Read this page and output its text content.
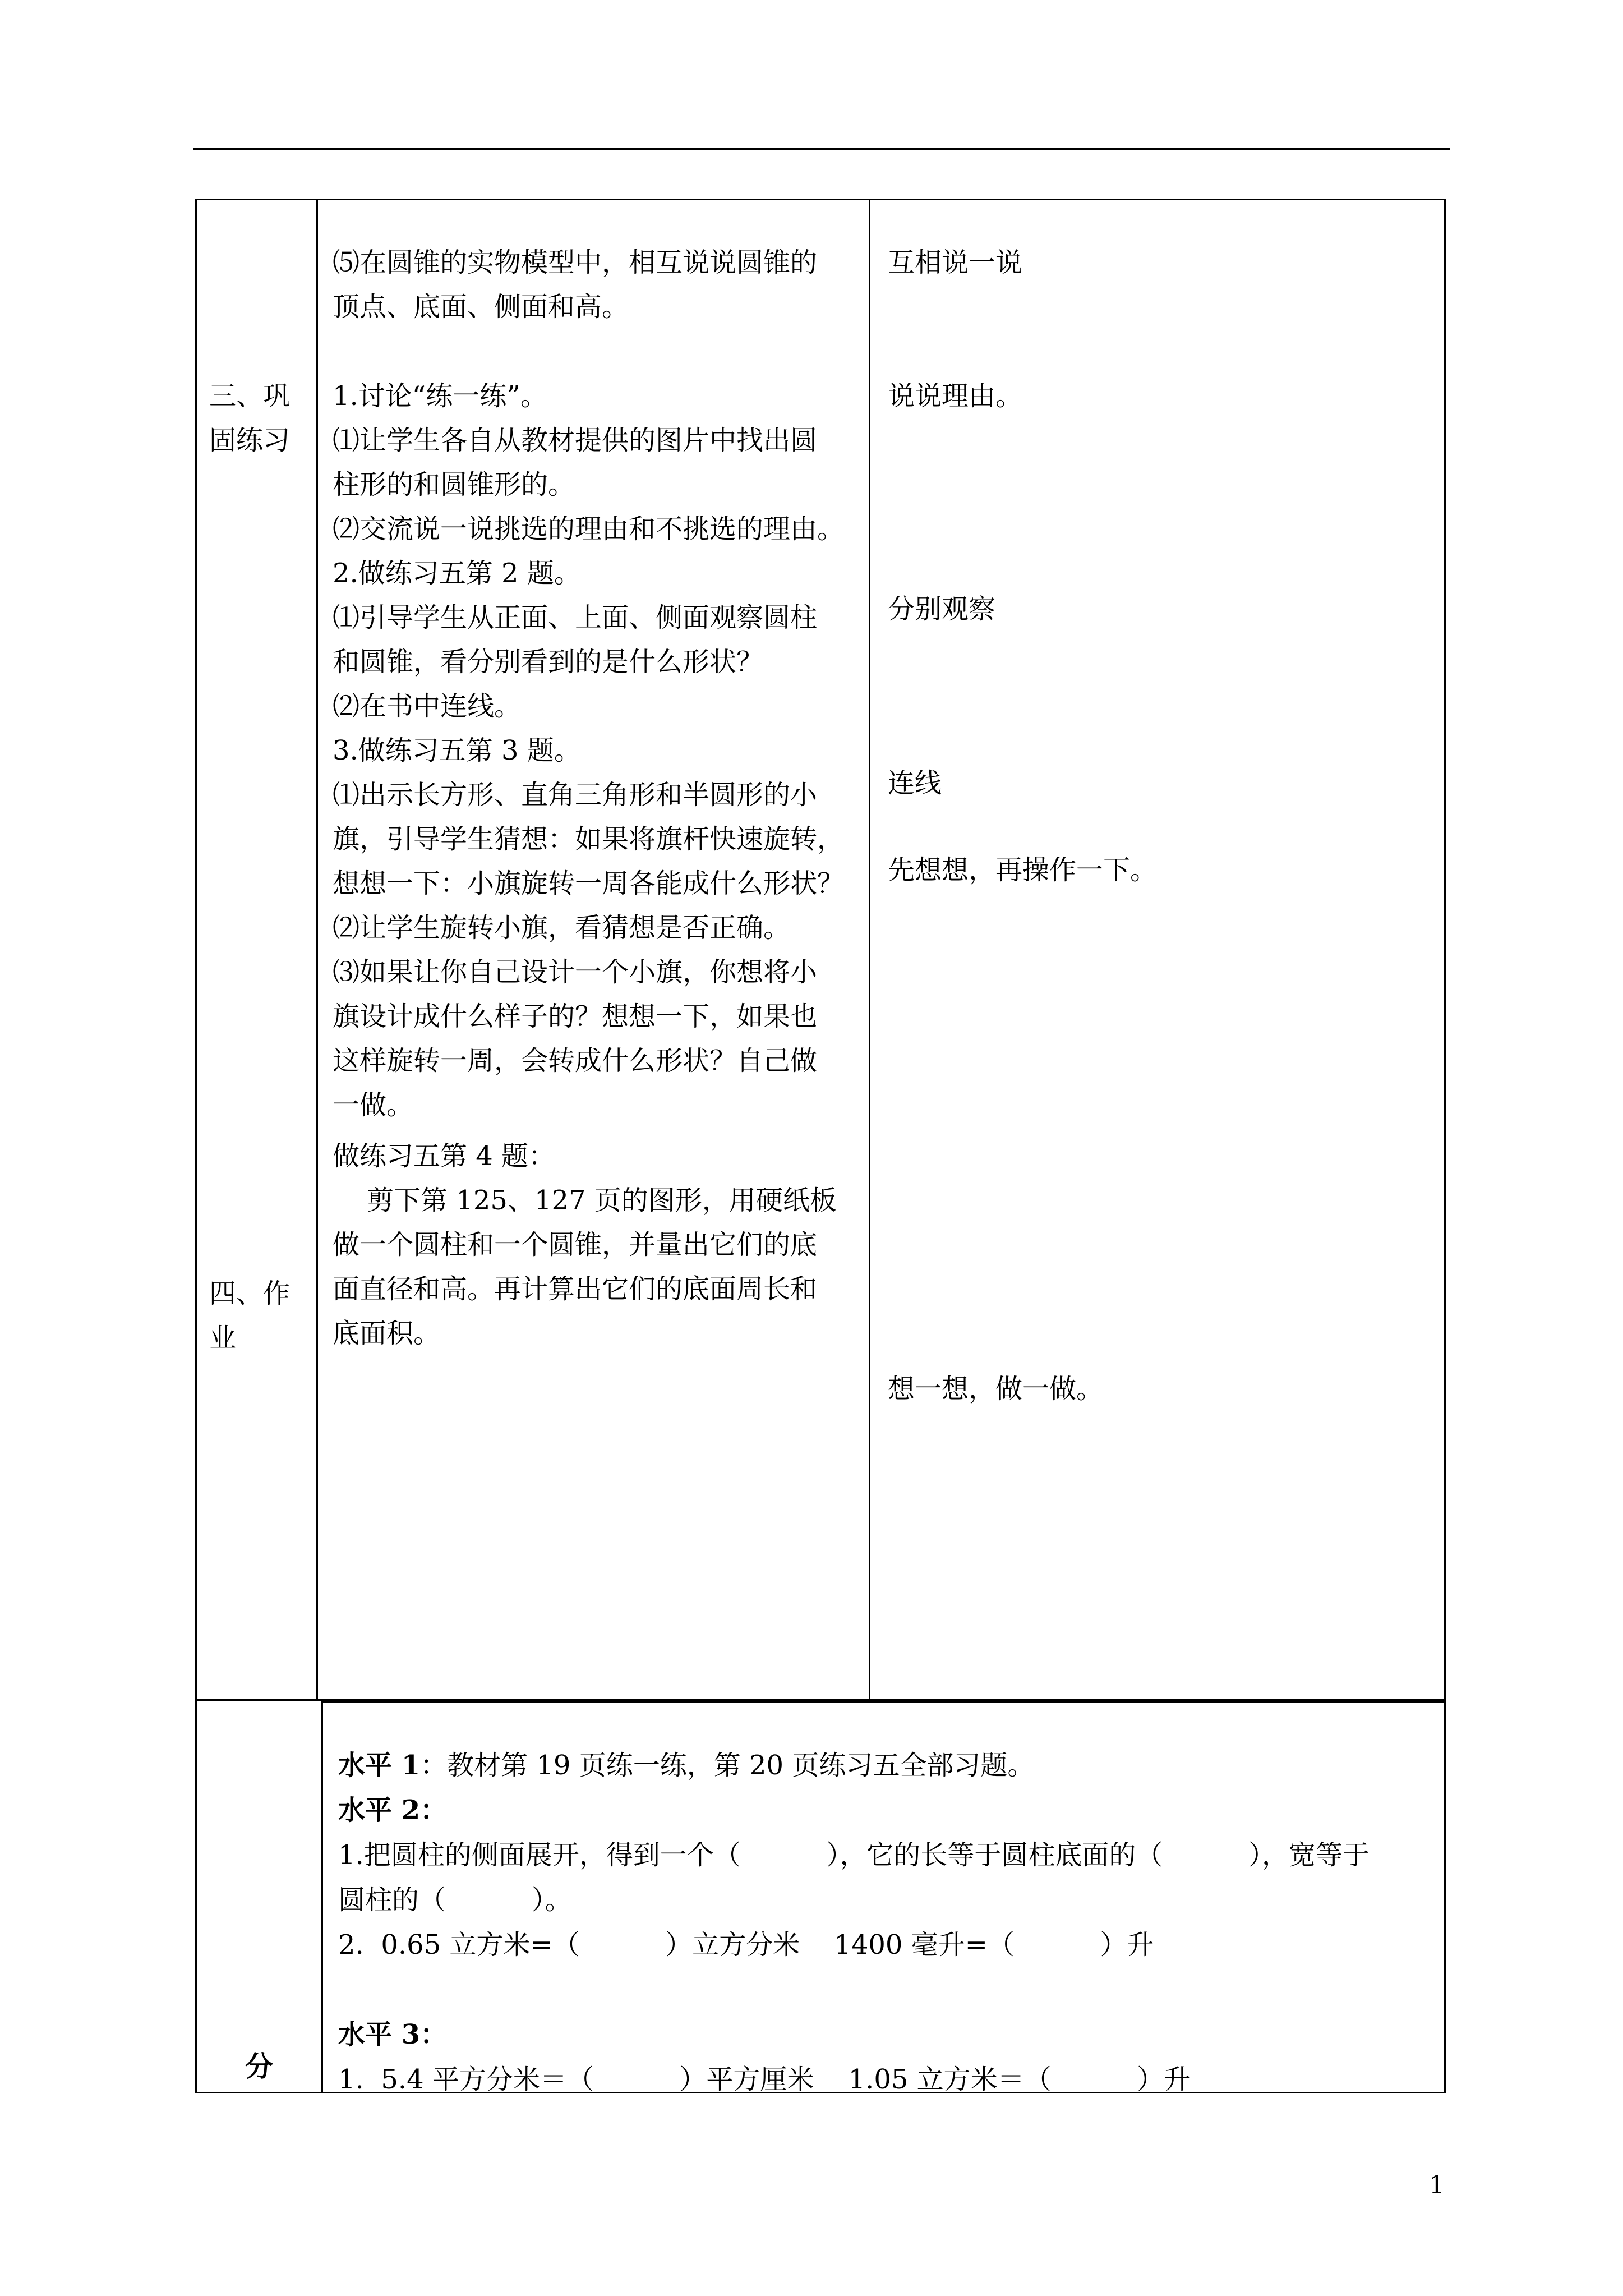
三、巩
固练习
四、作
业
⑸在圆锥的实物模型中，相互说说圆锥的
顶点、底面、侧面和高。
1.讨论“练一练”。
⑴让学生各自从教材提供的图片中找出圆
柱形的和圆锥形的。
⑵交流说一说挑选的理由和不挑选的理由。
2.做练习五第 2 题。
⑴引导学生从正面、上面、侧面观察圆柱
和圆锥，看分别看到的是什么形状？
⑵在书中连线。
3.做练习五第 3 题。
⑴出示长方形、直角三角形和半圆形的小
旗，引导学生猜想：如果将旗杆快速旋转，
想想一下：小旗旋转一周各能成什么形状？
⑵让学生旋转小旗，看猜想是否正确。
⑶如果让你自己设计一个小旗，你想将小
旗设计成什么样子的？想想一下，如果也
这样旋转一周，会转成什么形状？自己做
一做。
做练习五第 4 题：
剪下第 125、127 页的图形，用硬纸板
做一个圆柱和一个圆锥，并量出它们的底
面直径和高。再计算出它们的底面周长和
底面积。
互相说一说
说说理由。
分别观察
连线
先想想，再操作一下。
想一想，做一做。
分
水平 1：教材第 19 页练一练，第 20 页练习五全部习题。
水平 2：
1.把圆柱的侧面展开，得到一个（          ），它的长等于圆柱底面的（          ），宽等于
圆柱的（          ）。
2.  0.65 立方米=（          ）立方分米    1400 毫升=（          ）升
水平 3：
1.  5.4 平方分米＝（          ）平方厘米    1.05 立方米＝（          ）升
1
